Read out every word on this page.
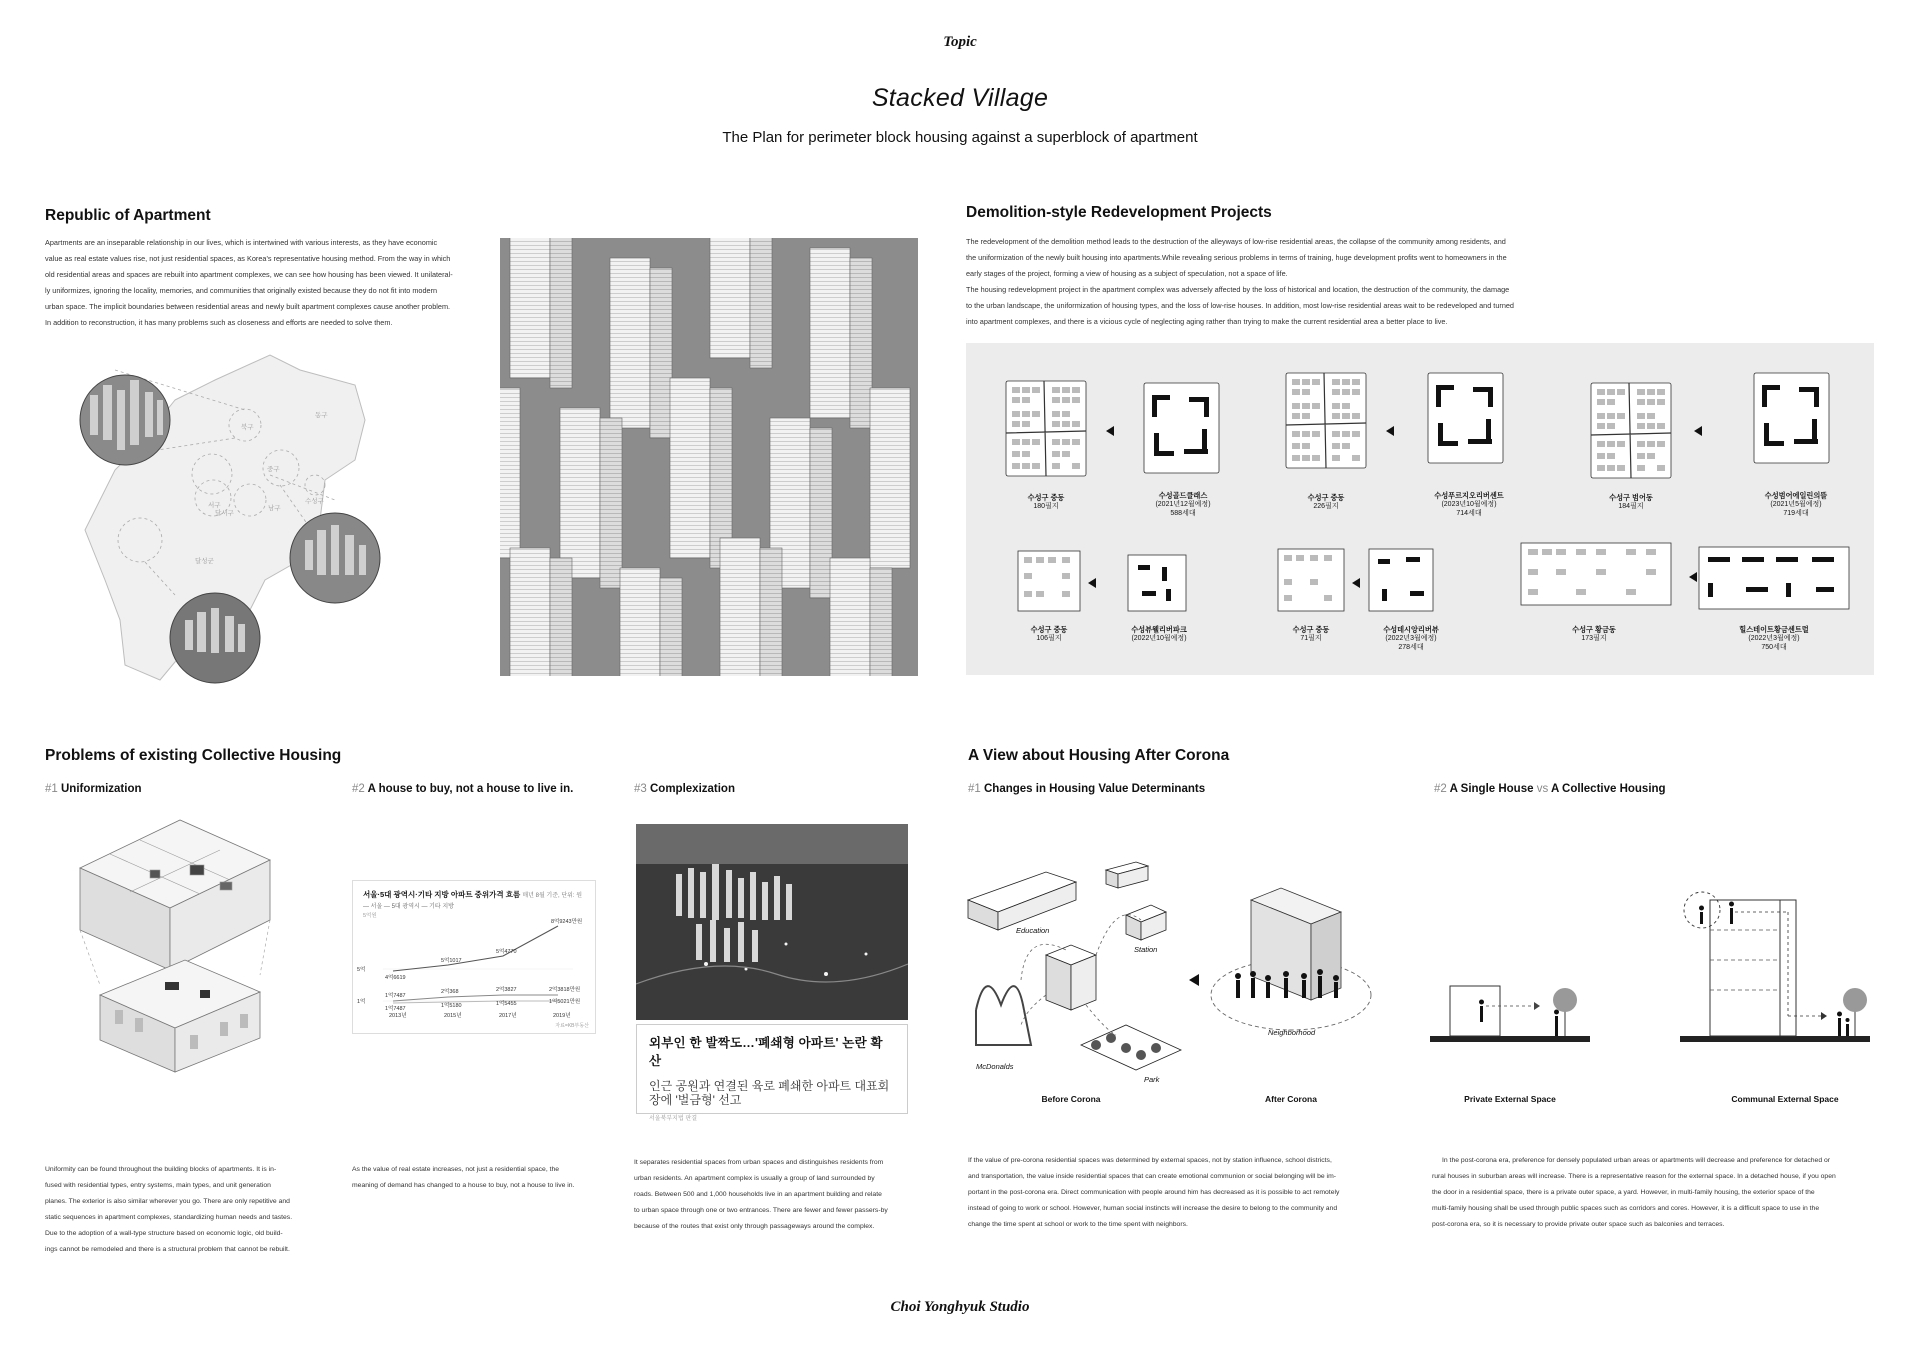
Topic
Stacked Village
The Plan for perimeter block housing against a superblock of apartment
Republic of Apartment

Apartments are an inseparable relationship in our lives, which is intertwined with various interests, as they have economic

value as real estate values rise, not just residential spaces, as Korea's representative housing method. From the way in which

old residential areas and spaces are rebuilt into apartment complexes, we can see how housing has been viewed. It unilateral-

ly uniformizes, ignoring the locality, memories, and communities that originally existed because they do not fit into modern

urban space. The implicit boundaries between residential areas and newly built apartment complexes cause another problem.

In addition to reconstruction, it has many problems such as closeness and efforts are needed to solve them.

동구
북구
중구
서구	남구
수성구
달서구
달성군
Demolition-style Redevelopment Projects

The redevelopment of the demolition method leads to the destruction of the alleyways of low-rise residential areas, the collapse of the community among residents, and

the uniformization of the newly built housing into apartments.While revealing serious problems in terms of training, huge development profits went to homeowners in the

early stages of the project, forming a view of housing as a subject of speculation, not a space of life.

The housing redevelopment project in the apartment complex was adversely affected by the loss of historical and location, the destruction of the community, the damage

to the urban landscape, the uniformization of housing types, and the loss of low-rise houses. In addition, most low-rise residential areas wait to be redeveloped and turned

into apartment complexes, and there is a vicious cycle of neglecting aging rather than trying to make the current residential area a better place to live.

수성구 중동
180필지
수성골드클래스
(2021년12월예정)
588세대
수성구 중동
226필지
수성푸르지오리버센트
(2023년10월예정)
714세대
수성구 범어동
184필지
수성범어에일린의뜰
(2021년5월예정)
719세대
수성구 중동
106필지
수성뷰웰리버파크
(2022년10월예정)
수성구 중동
71필지
수성데시앙리버뷰
(2022년3월예정)
278세대
수성구 황금동
173필지
힐스테이트황금센트럴
(2022년3월예정)
750세대
Problems of existing Collective Housing
#1 Uniformization	#2 A house to buy, not a house to live in.	#3 Complexization
서울·5대 광역시·기타 지방 아파트 중위가격 흐름 매년 8월 기준, 단위: 원
— 서울 — 5대 광역시 — 기타 지방
5억원
5억
1억
4억6619
5억1017
5억4770
8억9243만원
1억7487
1억7487
2억368
1억5180
2억3827
1억5455
2억3818만원
1억5021만원
2013년	2015년	2017년	2019년
자료=KB부동산
외부인 한 발짝도…'폐쇄형 아파트' 논란 확산
인근 공원과 연결된 육로 폐쇄한 아파트 대표회장에 '벌금형' 선고
서울북부지법 판결

Uniformity can be found throughout the building blocks of apartments. It is in-

fused with residential types, entry systems, main types, and unit generation

planes. The exterior is also similar wherever you go. There are only repetitive and

static sequences in apartment complexes, standardizing human needs and tastes.

Due to the adoption of a wall-type structure based on economic logic, old build-

ings cannot be remodeled and there is a structural problem that cannot be rebuilt.

As the value of real estate increases, not just a residential space, the

meaning of demand has changed to a house to buy, not a house to live in.

It separates residential spaces from urban spaces and distinguishes residents from

urban residents. An apartment complex is usually a group of land surrounded by

roads. Between 500 and 1,000 households live in an apartment building and relate

to urban space through one or two entrances. There are fewer and fewer passers-by

because of the routes that exist only through passageways around the complex.

A View about Housing After Corona
#1 Changes in Housing Value Determinants	#2 A Single House vs A Collective Housing
Education
Station
McDonalds
Park
Neighborhood
Before Corona	After Corona	Private External Space	Communal External Space

If the value of pre-corona residential spaces was determined by external spaces, not by station influence, school districts,

and transportation, the value inside residential spaces that can create emotional communion or social belonging will be im-

portant in the post-corona era. Direct communication with people around him has decreased as it is possible to act remotely

instead of going to work or school. However, human social instincts will increase the desire to belong to the community and

change the time spent at school or work to the time spent with neighbors.

In the post-corona era, preference for densely populated urban areas or apartments will decrease and preference for detached or

rural houses in suburban areas will increase. There is a representative reason for the external space. In a detached house, if you open

the door in a residential space, there is a private outer space, a yard. However, in multi-family housing, the exterior space of the

multi-family housing shall be used through public spaces such as corridors and cores. However, it is a difficult space to use in the

post-corona era, so it is necessary to provide private outer space such as balconies and terraces.

Choi Yonghyuk Studio
